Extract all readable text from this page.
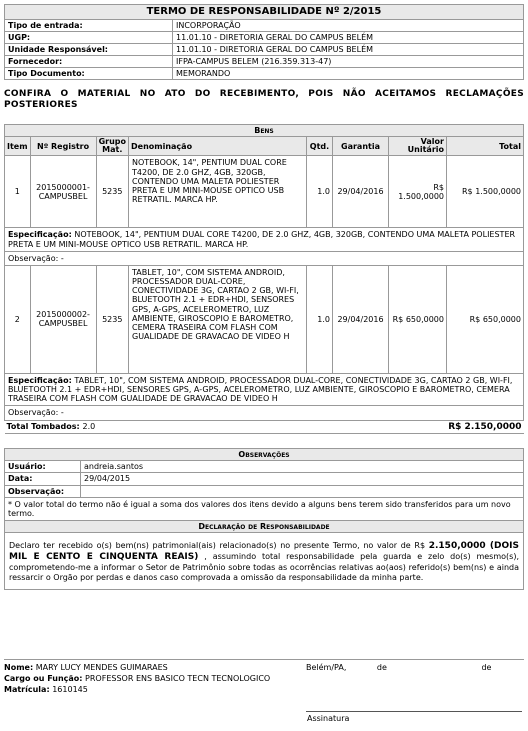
TERMO DE RESPONSABILIDADE Nº 2/2015	
Tipo de entrada:	INCORPORAÇÃO
UGP:	11.01.10 - DIRETORIA GERAL DO CAMPUS BELÉM
Unidade Responsável:	11.01.10 - DIRETORIA GERAL DO CAMPUS BELÉM
Fornecedor:	IFPA-CAMPUS BELEM (216.359.313-47)
Tipo Documento:	MEMORANDO
CONFIRA O MATERIAL NO ATO DO RECEBIMENTO, POIS NÃO ACEITAMOS RECLAMAÇÕES POSTERIORES
Bens							
Item	Nº Registro	Grupo Mat.	Denominação	Qtd.	Garantia	Valor Unitário	Total
1	2015000001-CAMPUSBEL	5235	NOTEBOOK, 14", PENTIUM DUAL CORE T4200, DE 2.0 GHZ, 4GB, 320GB, CONTENDO UMA MALETA POLIESTER PRETA E UM MINI-MOUSE OPTICO USB RETRATIL. MARCA HP.	1.0	29/04/2016	R$ 1.500,0000	R$ 1.500,0000
Especificação: NOTEBOOK, 14", PENTIUM DUAL CORE T4200, DE 2.0 GHZ, 4GB, 320GB, CONTENDO UMA MALETA POLIESTER PRETA E UM MINI-MOUSE OPTICO USB RETRATIL. MARCA HP.							
Observação: -							
2	2015000002-CAMPUSBEL	5235	TABLET, 10", COM SISTEMA ANDROID, PROCESSADOR DUAL-CORE, CONECTIVIDADE 3G, CARTAO 2 GB, WI-FI, BLUETOOTH 2.1 + EDR+HDI, SENSORES GPS, A-GPS, ACELEROMETRO, LUZ AMBIENTE, GIROSCOPIO E BAROMETRO, CEMERA TRASEIRA COM FLASH COM GUALIDADE DE GRAVACAO DE VIDEO H	1.0	29/04/2016	R$ 650,0000	R$ 650,0000
Especificação: TABLET, 10", COM SISTEMA ANDROID, PROCESSADOR DUAL-CORE, CONECTIVIDADE 3G, CARTAO 2 GB, WI-FI, BLUETOOTH 2.1 + EDR+HDI, SENSORES GPS, A-GPS, ACELEROMETRO, LUZ AMBIENTE, GIROSCOPIO E BAROMETRO, CEMERA TRASEIRA COM FLASH COM GUALIDADE DE GRAVACAO DE VIDEO H							
Observação: -							
Total Tombados: 2.0						R$ 2.150,0000	
Observações	
Usuário:	andreia.santos
Data:	29/04/2015
Observação:	
* O valor total do termo não é igual a soma dos valores dos itens devido a alguns bens terem sido transferidos para um novo termo.	
Declaração de Responsabilidade
Declaro ter recebido o(s) bem(ns) patrimonial(ais) relacionado(s) no presente Termo, no valor de R$ 2.150,0000 (DOIS MIL E CENTO E CINQUENTA REAIS) , assumindo total responsabilidade pela guarda e zelo do(s) mesmo(s), comprometendo-me a informar o Setor de Patrimônio sobre todas as ocorrências relativas ao(aos) referido(s) bem(ns) e ainda ressarcir o Orgão por perdas e danos caso comprovada a omissão da responsabilidade da minha parte.
Nome: MARY LUCY MENDES GUIMARAES
Cargo ou Função: PROFESSOR ENS BASICO TECN TECNOLOGICO
Matrícula: 1610145
Belém/PA,	de	de
Assinatura
